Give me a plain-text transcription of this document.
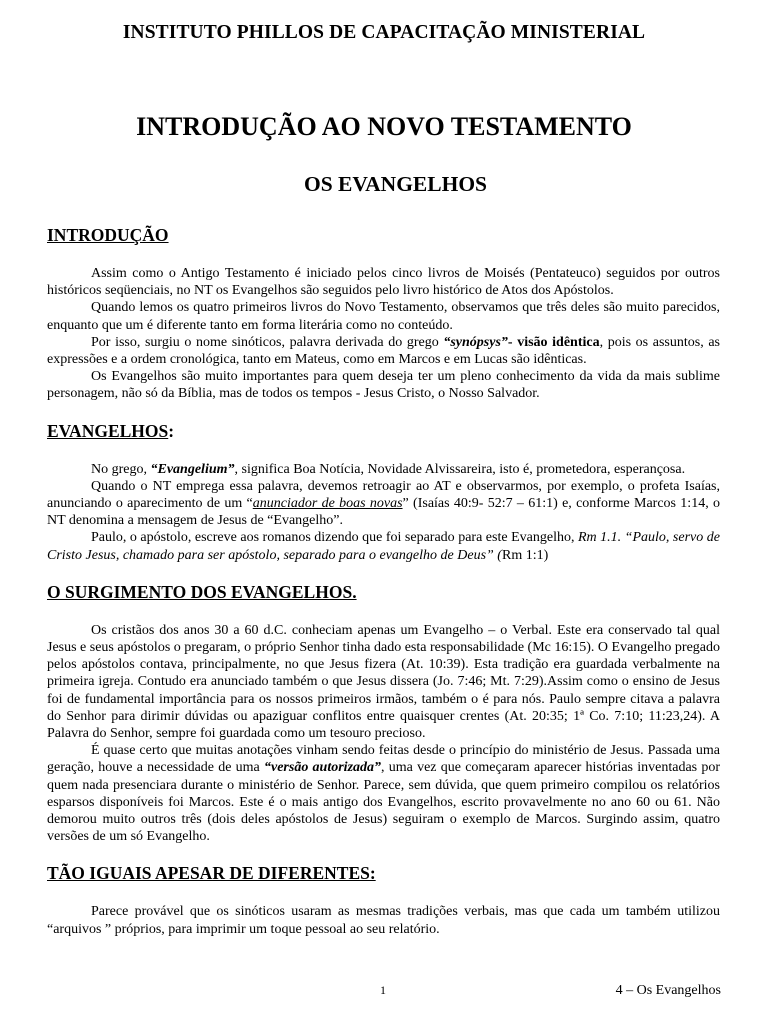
INSTITUTO PHILLOS DE CAPACITAÇÃO MINISTERIAL
INTRODUÇÃO AO NOVO TESTAMENTO
OS EVANGELHOS
INTRODUÇÃO

Assim como o Antigo Testamento é iniciado pelos cinco livros de Moisés (Pentateuco) seguidos por outros históricos seqüenciais, no NT os Evangelhos são seguidos pelo livro histórico de Atos dos Apóstolos.

Quando lemos os quatro primeiros livros do Novo Testamento, observamos que três deles são muito parecidos, enquanto que um é diferente tanto em forma literária como no conteúdo.

Por isso, surgiu o nome sinóticos, palavra derivada do grego “synópsys”- visão idêntica, pois os assuntos, as expressões e a ordem cronológica, tanto em Mateus, como em Marcos e em Lucas são idênticas.

Os Evangelhos são muito importantes para quem deseja ter um pleno conhecimento da vida da mais sublime personagem, não só da Bíblia, mas de todos os tempos - Jesus Cristo, o Nosso Salvador.

EVANGELHOS:

No grego, “Evangelium”, significa Boa Notícia, Novidade Alvissareira, isto é, prometedora, esperançosa.

Quando o NT emprega essa palavra, devemos retroagir ao AT e observarmos, por exemplo, o profeta Isaías, anunciando o aparecimento de um “anunciador de boas novas” (Isaías 40:9- 52:7 – 61:1) e, conforme Marcos 1:14, o NT denomina a mensagem de Jesus de “Evangelho”.

Paulo, o apóstolo, escreve aos romanos dizendo que foi separado para este Evangelho, Rm 1.1. “Paulo, servo de Cristo Jesus, chamado para ser apóstolo, separado para o evangelho de Deus” (Rm 1:1)

O SURGIMENTO DOS EVANGELHOS.

Os cristãos dos anos 30 a 60 d.C. conheciam apenas um Evangelho – o Verbal. Este era conservado tal qual Jesus e seus apóstolos o pregaram, o próprio Senhor tinha dado esta responsabilidade (Mc 16:15). O Evangelho pregado pelos apóstolos contava, principalmente, no que Jesus fizera (At. 10:39). Esta tradição era guardada verbalmente na primeira igreja. Contudo era anunciado também o que Jesus dissera (Jo. 7:46; Mt. 7:29).Assim como o ensino de Jesus foi de fundamental importância para os nossos primeiros irmãos, também o é para nós. Paulo sempre citava a palavra do Senhor para dirimir dúvidas ou apaziguar conflitos entre quaisquer crentes (At. 20:35; 1ª Co. 7:10; 11:23,24). A Palavra do Senhor, sempre foi guardada como um tesouro precioso.

É quase certo que muitas anotações vinham sendo feitas desde o princípio do ministério de Jesus. Passada uma geração, houve a necessidade de uma “versão autorizada”, uma vez que começaram aparecer histórias inventadas por quem nada presenciara durante o ministério de Senhor. Parece, sem dúvida, que quem primeiro compilou os relatórios esparsos disponíveis foi Marcos. Este é o mais antigo dos Evangelhos, escrito provavelmente no ano 60 ou 61. Não demorou muito outros três (dois deles apóstolos de Jesus) seguiram o exemplo de Marcos. Surgindo assim, quatro versões de um só Evangelho.

TÃO IGUAIS APESAR DE DIFERENTES:

Parece provável que os sinóticos usaram as mesmas tradições verbais, mas que cada um também utilizou “arquivos ” próprios, para imprimir um toque pessoal ao seu relatório.

1	4 – Os Evangelhos
